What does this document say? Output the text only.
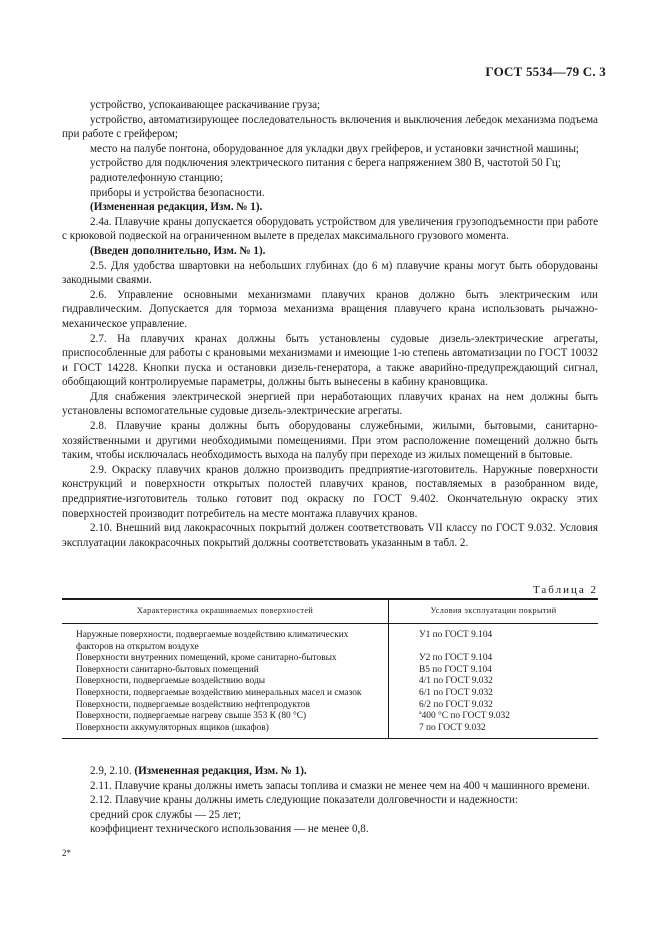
ГОСТ 5534—79 С. 3

устройство, успокаивающее раскачивание груза;

устройство, автоматизирующее последовательность включения и выключения лебедок механизма подъема при работе с грейфером;

место на палубе понтона, оборудованное для укладки двух грейферов, и установки зачистной машины;

устройство для подключения электрического питания с берега напряжением 380 В, частотой 50 Гц;

радиотелефонную станцию;

приборы и устройства безопасности.

(Измененная редакция, Изм. № 1).

2.4а. Плавучие краны допускается оборудовать устройством для увеличения грузоподъемности при работе с крюковой подвеской на ограниченном вылете в пределах максимального грузового момента.

(Введен дополнительно, Изм. № 1).

2.5. Для удобства швартовки на небольших глубинах (до 6 м) плавучие краны могут быть оборудованы закодными сваями.

2.6. Управление основными механизмами плавучих кранов должно быть электрическим или гидравлическим. Допускается для тормоза механизма вращения плавучего крана использовать рычажно-механическое управление.

2.7. На плавучих кранах должны быть установлены судовые дизель-электрические агрегаты, приспособленные для работы с крановыми механизмами и имеющие 1-ю степень автоматизации по ГОСТ 10032 и ГОСТ 14228. Кнопки пуска и остановки дизель-генератора, а также аварийно-предупреждающий сигнал, обобщающий контролируемые параметры, должны быть вынесены в кабину крановщика.

Для снабжения электрической энергией при неработающих плавучих кранах на нем должны быть установлены вспомогательные судовые дизель-электрические агрегаты.

2.8. Плавучие краны должны быть оборудованы служебными, жилыми, бытовыми, санитарно-хозяйственными и другими необходимыми помещениями. При этом расположение помещений должно быть таким, чтобы исключалась необходимость выхода на палубу при переходе из жилых помещений в бытовые.

2.9. Окраску плавучих кранов должно производить предприятие-изготовитель. Наружные поверхности конструкций и поверхности открытых полостей плавучих кранов, поставляемых в разобранном виде, предприятие-изготовитель только готовит под окраску по ГОСТ 9.402. Окончательную окраску этих поверхностей производит потребитель на месте монтажа плавучих кранов.

2.10. Внешний вид лакокрасочных покрытий должен соответствовать VII классу по ГОСТ 9.032. Условия эксплуатации лакокрасочных покрытий должны соответствовать указанным в табл. 2.

Таблица 2
Характеристика окрашиваемых поверхностей	Условия эксплуатации покрытий
Наружные поверхности, подвергаемые воздействию климатических факторов на открытом воздухе	У1 по ГОСТ 9.104
Поверхности внутренних помещений, кроме санитарно-бытовых	У2 по ГОСТ 9.104
Поверхности санитарно-бытовых помещений	В5 по ГОСТ 9.104
Поверхности, подвергаемые воздействию воды	4/1 по ГОСТ 9.032
Поверхности, подвергаемые воздействию минеральных масел и смазок	6/1 по ГОСТ 9.032
Поверхности, подвергаемые воздействию нефтепродуктов	6/2 по ГОСТ 9.032
Поверхности, подвергаемые нагреву свыше 353 К (80 °С)	ª400 °С по ГОСТ 9.032
Поверхности аккумуляторных ящиков (шкафов)	7 по ГОСТ 9.032

2.9, 2.10. (Измененная редакция, Изм. № 1).

2.11. Плавучие краны должны иметь запасы топлива и смазки не менее чем на 400 ч машинного времени.

2.12. Плавучие краны должны иметь следующие показатели долговечности и надежности:

средний срок службы — 25 лет;

коэффициент технического использования — не менее 0,8.

2*
